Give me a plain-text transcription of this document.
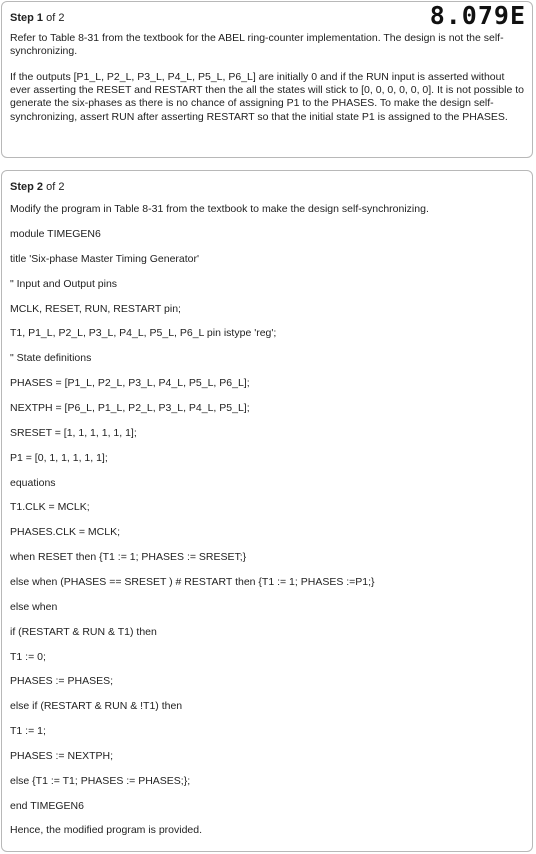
Step 1 of 2	8.079E

Refer to Table 8-31 from the textbook for the ABEL ring-counter implementation. The design is not the self-synchronizing.

If the outputs [P1_L, P2_L, P3_L, P4_L, P5_L, P6_L] are initially 0 and if the RUN input is asserted without ever asserting the RESET and RESTART then the all the states will stick to [0, 0, 0, 0, 0, 0]. It is not possible to generate the six-phases as there is no chance of assigning P1 to the PHASES. To make the design self-synchronizing, assert RUN after asserting RESTART so that the initial state P1 is assigned to the PHASES.

Step 2 of 2
Modify the program in Table 8-31 from the textbook to make the design self-synchronizing.
module TIMEGEN6
title 'Six-phase Master Timing Generator'
" Input and Output pins
MCLK, RESET, RUN, RESTART pin;
T1, P1_L, P2_L, P3_L, P4_L, P5_L, P6_L pin istype 'reg';
" State definitions
PHASES = [P1_L, P2_L, P3_L, P4_L, P5_L, P6_L];
NEXTPH = [P6_L, P1_L, P2_L, P3_L, P4_L, P5_L];
SRESET = [1, 1, 1, 1, 1, 1];
P1 = [0, 1, 1, 1, 1, 1];
equations
T1.CLK = MCLK;
PHASES.CLK = MCLK;
when RESET then {T1 := 1; PHASES := SRESET;}
else when (PHASES == SRESET ) # RESTART then {T1 := 1; PHASES :=P1;}
else when
if (RESTART & RUN & T1) then
T1 := 0;
PHASES := PHASES;
else if (RESTART & RUN & !T1) then
T1 := 1;
PHASES := NEXTPH;
else {T1 := T1; PHASES := PHASES;};
end TIMEGEN6
Hence, the modified program is provided.
